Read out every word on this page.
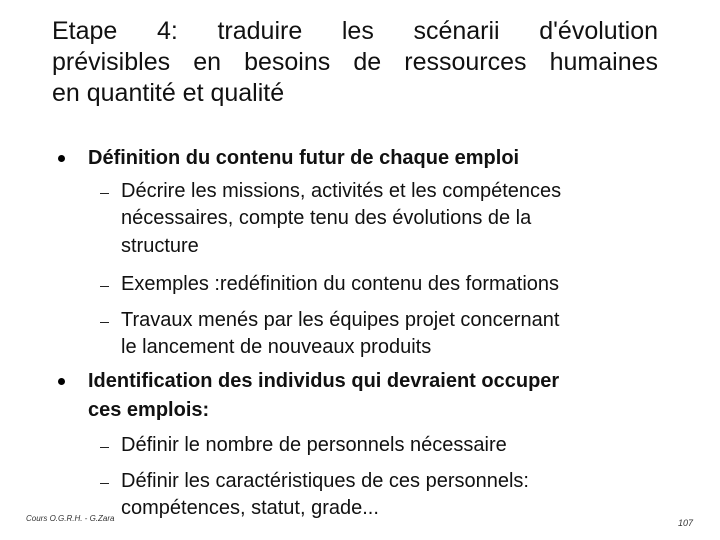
Etape 4: traduire les scénarii d'évolution
prévisibles en besoins de ressources humaines
en quantité et qualité
Définition du contenu futur de chaque emploi
Décrire les missions, activités et les compétences
nécessaires, compte tenu des évolutions de la
structure
Exemples :redéfinition du contenu des formations
Travaux menés par les équipes projet concernant
le lancement de nouveaux produits
Identification des individus qui devraient occuper
ces emplois:
Définir le nombre de personnels nécessaire
Définir les caractéristiques de ces personnels:
compétences, statut, grade...
Cours O.G.R.H. - G.Zara	107
